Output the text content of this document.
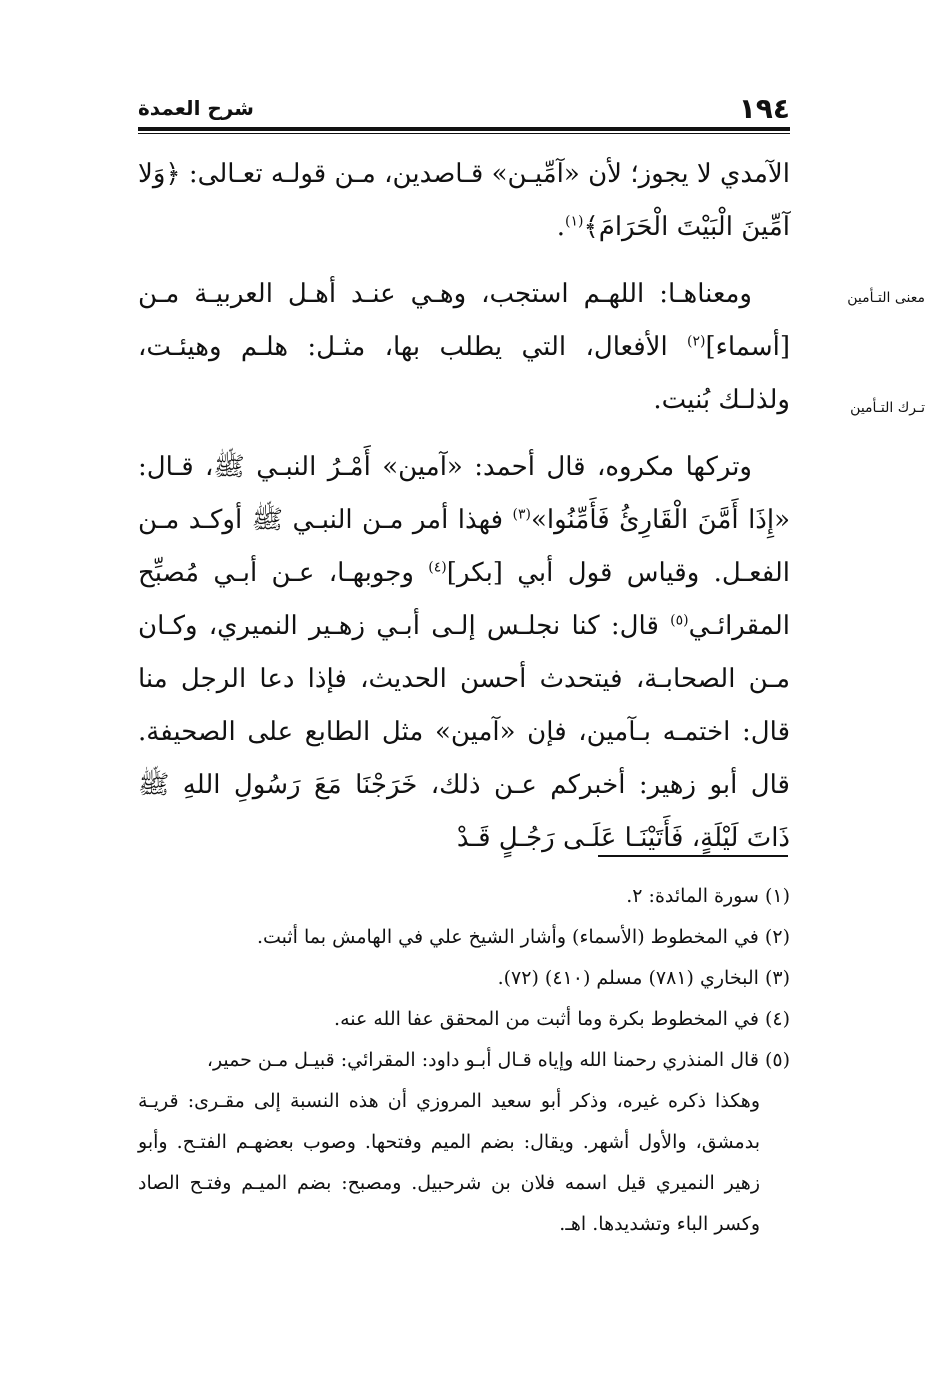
١٩٤
شرح العمدة
معنى التـأمين
تـرك التـأمين

الآمدي لا يجوز؛ لأن «آمِّيـن» قـاصدين، مـن قولـه تعـالى: ﴿وَلا آمِّينَ الْبَيْتَ الْحَرَامَ﴾$^{(١)}$.

ومعناهـا: اللهـم استجب، وهـي عنـد أهـل العربيـة مـن [أسماء]$^{(٢)}$ الأفعال، التي يطلب بها، مثـل: هلـم وهيئـت، ولذلـك بُنيت.

وتركها مكروه، قال أحمد: «آمين» أَمْـرُ النبـي ﷺ، قـال: «إِذَا أَمَّنَ الْقَارِئُ فَأَمِّنُوا»$^{(٣)}$ فهذا أمر مـن النبـي ﷺ أوكـد مـن الفعـل. وقياس قول أبي [بكر]$^{(٤)}$ وجوبهـا، عـن أبـي مُصبِّح المقرائـي$^{(٥)}$ قال: كنا نجلـس إلـى أبـي زهـير النميري، وكـان مـن الصحابـة، فيتحدث أحسن الحديث، فإذا دعا الرجل منا قال: اختمـه بـآمين، فإن «آمين» مثل الطابع على الصحيفة. قال أبو زهير: أخبركم عـن ذلك، خَرَجْنَا مَعَ رَسُولِ اللهِ ﷺ ذَاتَ لَيْلَةٍ، فَأَتَيْنَـا عَلَـى رَجُـلٍ قَـدْ

(١) سورة المائدة: ٢.

(٢) في المخطوط (الأسماء) وأشار الشيخ علي في الهامش بما أثبت.

(٣) البخاري (٧٨١) مسلم (٤١٠) (٧٢).

(٤) في المخطوط بكرة وما أثبت من المحقق عفا الله عنه.

(٥) قال المنذري رحمنا الله وإياه قـال أبـو داود: المقرائي: قبيـل مـن حمير،

وهكذا ذكره غيره، وذكر أبو سعيد المروزي أن هذه النسبة إلى مقـرى: قريـة بدمشق، والأول أشهر. ويقال: بضم الميم وفتحها. وصوب بعضهـم الفتـح. وأبو زهير النميري قيل اسمه فلان بن شرحبيل. ومصبح: بضم الميـم وفتـح الصاد وكسر الباء وتشديدها. اهـ.
